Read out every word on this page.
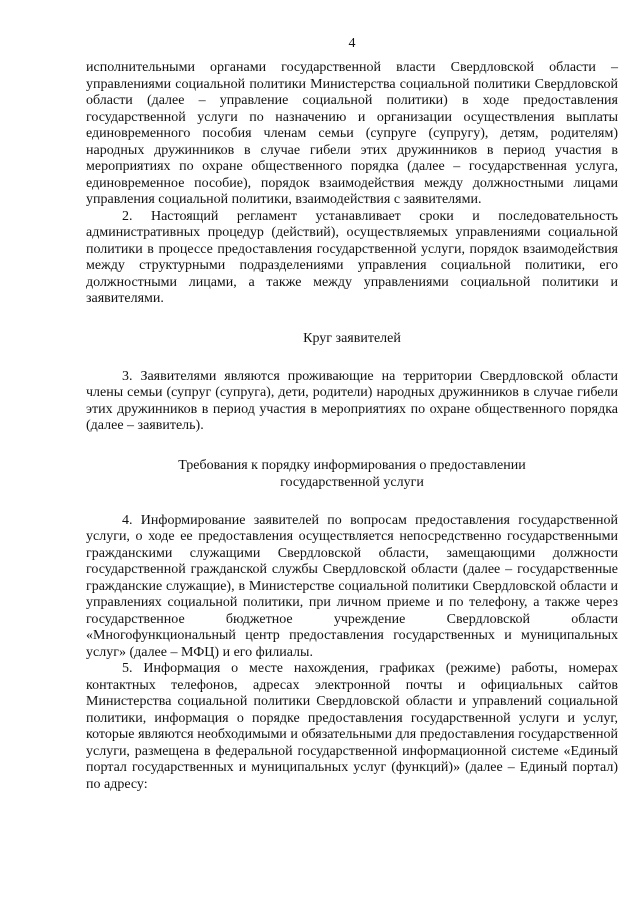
4

исполнительными органами государственной власти Свердловской области – управлениями социальной политики Министерства социальной политики Свердловской области (далее – управление социальной политики) в ходе предоставления государственной услуги по назначению и организации осуществления выплаты единовременного пособия членам семьи (супруге (супругу), детям, родителям) народных дружинников в случае гибели этих дружинников в период участия в мероприятиях по охране общественного порядка (далее – государственная услуга, единовременное пособие), порядок взаимодействия между должностными лицами управления социальной политики, взаимодействия с заявителями.

2. Настоящий регламент устанавливает сроки и последовательность административных процедур (действий), осуществляемых управлениями социальной политики в процессе предоставления государственной услуги, порядок взаимодействия между структурными подразделениями управления социальной политики, его должностными лицами, а также между управлениями социальной политики и заявителями.

Круг заявителей

3. Заявителями являются проживающие на территории Свердловской области члены семьи (супруг (супруга), дети, родители) народных дружинников в случае гибели этих дружинников в период участия в мероприятиях по охране общественного порядка (далее – заявитель).

Требования к порядку информирования о предоставлении

государственной услуги

4. Информирование заявителей по вопросам предоставления государственной услуги, о ходе ее предоставления осуществляется непосредственно государственными гражданскими служащими Свердловской области, замещающими должности государственной гражданской службы Свердловской области (далее – государственные гражданские служащие), в Министерстве социальной политики Свердловской области и управлениях социальной политики, при личном приеме и по телефону, а также через государственное бюджетное учреждение Свердловской области «Многофункциональный центр предоставления государственных и муниципальных услуг» (далее – МФЦ) и его филиалы.

5. Информация о месте нахождения, графиках (режиме) работы, номерах контактных телефонов, адресах электронной почты и официальных сайтов Министерства социальной политики Свердловской области и управлений социальной политики, информация о порядке предоставления государственной услуги и услуг, которые являются необходимыми и обязательными для предоставления государственной услуги, размещена в федеральной государственной информационной системе «Единый портал государственных и муниципальных услуг (функций)» (далее – Единый портал) по адресу:
